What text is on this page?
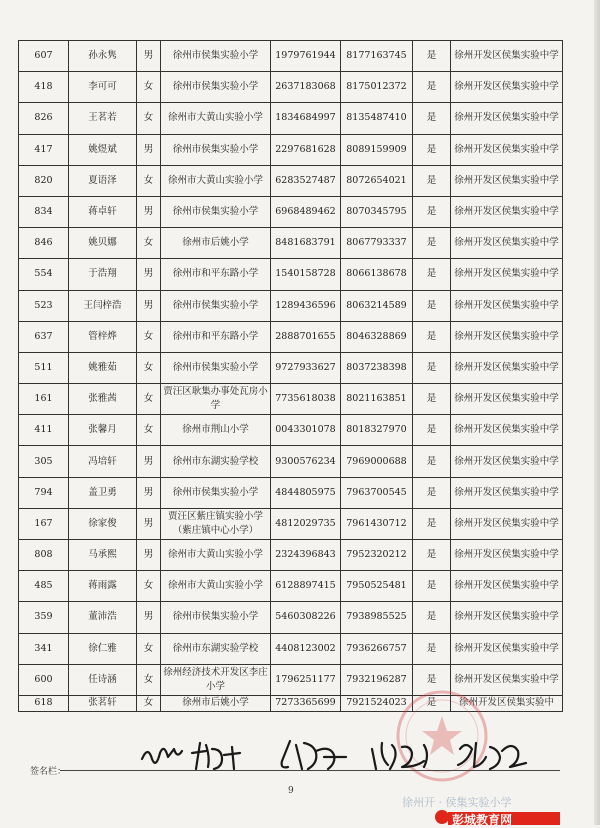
607	孙永隽	男	徐州市侯集实验小学	1979761944	8177163745	是	徐州开发区侯集实验中学
418	李可可	女	徐州市侯集实验小学	2637183068	8175012372	是	徐州开发区侯集实验中学
826	王茗若	女	徐州市大黄山实验小学	1834684997	8135487410	是	徐州开发区侯集实验中学
417	姚煜斌	男	徐州市侯集实验小学	2297681628	8089159909	是	徐州开发区侯集实验中学
820	夏语泽	女	徐州市大黄山实验小学	6283527487	8072654021	是	徐州开发区侯集实验中学
834	蒋卓轩	男	徐州市侯集实验小学	6968489462	8070345795	是	徐州开发区侯集实验中学
846	姚贝娜	女	徐州市后姚小学	8481683791	8067793337	是	徐州开发区侯集实验中学
554	于浩翔	男	徐州市和平东路小学	1540158728	8066138678	是	徐州开发区侯集实验中学
523	王闫梓浩	男	徐州市侯集实验小学	1289436596	8063214589	是	徐州开发区侯集实验中学
637	管梓烨	女	徐州市和平东路小学	2888701655	8046328869	是	徐州开发区侯集实验中学
511	姚雅茹	女	徐州市侯集实验小学	9727933627	8037238398	是	徐州开发区侯集实验中学
161	张雅茜	女	贾汪区耿集办事处瓦房小学	7735618038	8021163851	是	徐州开发区侯集实验中学
411	张馨月	女	徐州市荆山小学	0043301078	8018327970	是	徐州开发区侯集实验中学
305	冯培轩	男	徐州市东湖实验学校	9300576234	7969000688	是	徐州开发区侯集实验中学
794	盖卫勇	男	徐州市侯集实验小学	4844805975	7963700545	是	徐州开发区侯集实验中学
167	徐家俊	男	贾汪区紫庄镇实验小学（紫庄镇中心小学）	4812029735	7961430712	是	徐州开发区侯集实验中学
808	马承熙	男	徐州市大黄山实验小学	2324396843	7952320212	是	徐州开发区侯集实验中学
485	蒋雨露	女	徐州市大黄山实验小学	6128897415	7950525481	是	徐州开发区侯集实验中学
359	董沛浩	男	徐州市侯集实验小学	5460308226	7938985525	是	徐州开发区侯集实验中学
341	徐仁雅	女	徐州市东湖实验学校	4408123002	7936266757	是	徐州开发区侯集实验中学
600	任诗涵	女	徐州经济技术开发区李庄小学	1796251177	7932196287	是	徐州开发区侯集实验中学
618	张茗轩	女	徐州市后姚小学	7273365699	7921524023	是	徐州开发区侯集实验中
签名栏：
9
徐州开 · 侯集实验小学
彭城教育网
